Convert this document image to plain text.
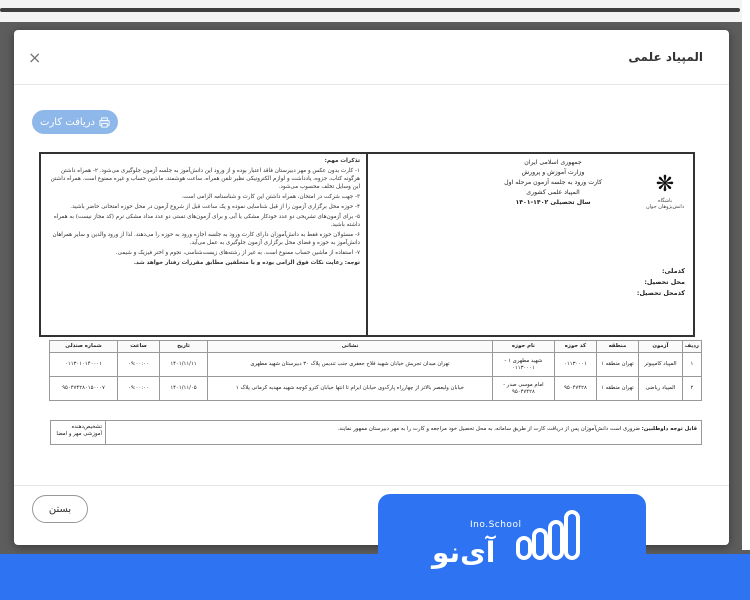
×	المپیاد علمی
دریافت کارت
تذکرات مهم:
۱- کارت بدون عکس و مهر دبیرستان فاقد اعتبار بوده و از ورود این دانش‌آموز به جلسه آزمون جلوگیری می‌شود. ۲- همراه داشتن هرگونه کتاب، جزوه، یادداشت و لوازم الکترونیکی نظیر تلفن همراه، ساعت هوشمند، ماشین حساب و غیره ممنوع است. همراه داشتن این وسایل تخلف محسوب می‌شود.
۳- جهت شرکت در امتحان، همراه داشتن این کارت و شناسنامه الزامی است.
۴- حوزه محل برگزاری آزمون را از قبل شناسایی نموده و یک ساعت قبل از شروع آزمون در محل حوزه امتحانی حاضر باشید.
۵- برای آزمون‌های تشریحی دو عدد خودکار مشکی یا آبی و برای آزمون‌های تستی دو عدد مداد مشکی نرم (کد مجاز نیست) به همراه داشته باشید.
۶- مسئولان حوزه فقط به دانش‌آموزان دارای کارت ورود به جلسه اجازه ورود به حوزه را می‌دهند. لذا از ورود والدین و سایر همراهان دانش‌آموز به حوزه و فضای محل برگزاری آزمون جلوگیری به عمل می‌آید.
۷- استفاده از ماشین حساب ممنوع است. به غیر از رشته‌های زیست‌شناسی، نجوم و اختر فیزیک و شیمی.
توجه: رعایت نکات فوق الزامی بوده و با متخلفین مطابق مقررات رفتار خواهد شد.
جمهوری اسلامی ایران
وزارت آموزش و پرورش
کارت ورود به جلسه آزمون مرحله اول
المپیاد علمی کشوری
سال تحصیلی ۱۴۰۲-۱۴۰۱
❋
باشگاه دانش‌پژوهان جوان
کدملی:
محل تحصیل:
کدمحل تحصیل:
ردیف	آزمون	منطقه	کد حوزه	نام حوزه	نشانی	تاریخ	ساعت	شماره صندلی
۱	المپیاد کامپیوتر	تهران منطقه ۱	۰۱۱۳۰۰۰۱	شهید مطهری ۱ - ۰۱۱۳۰۰۰۱	تهران میدان تجریش خیابان شهید فلاح جعفری جنب تندیس پلاک ۳۰ دبیرستان شهید مطهری	۱۴۰۱/۱۱/۱۱	۰۹:۰۰:۰۰	۰۱۱۳۰۱۰۱۴۰۰۰۱
۲	المپیاد ریاضی	تهران منطقه ۱	۹۵۰۴۷۴۲۸	امام موسی صدر - ۹۵۰۴۷۴۲۸	خیابان ولیعصر بالاتر از چهارراه پارک‌وی خیابان ایرام تا انتها خیابان کترو کوچه شهید مهدیه کرمانی پلاک ۱	۱۴۰۱/۱۱/۰۵	۰۹:۰۰:۰۰	۹۵۰۴۷۴۲۸۰۱۵۰۰۰۷
قابل توجه داوطلبین: ضروری است دانش‌آموزان پس از دریافت کارت از طریق سامانه، به محل تحصیل خود مراجعه و کارت را به مهر دبیرستان ممهور نمایند.
تشخیص‌دهنده آموزشی مهر و امضا
بستن
Ino.School
آی‌نو
